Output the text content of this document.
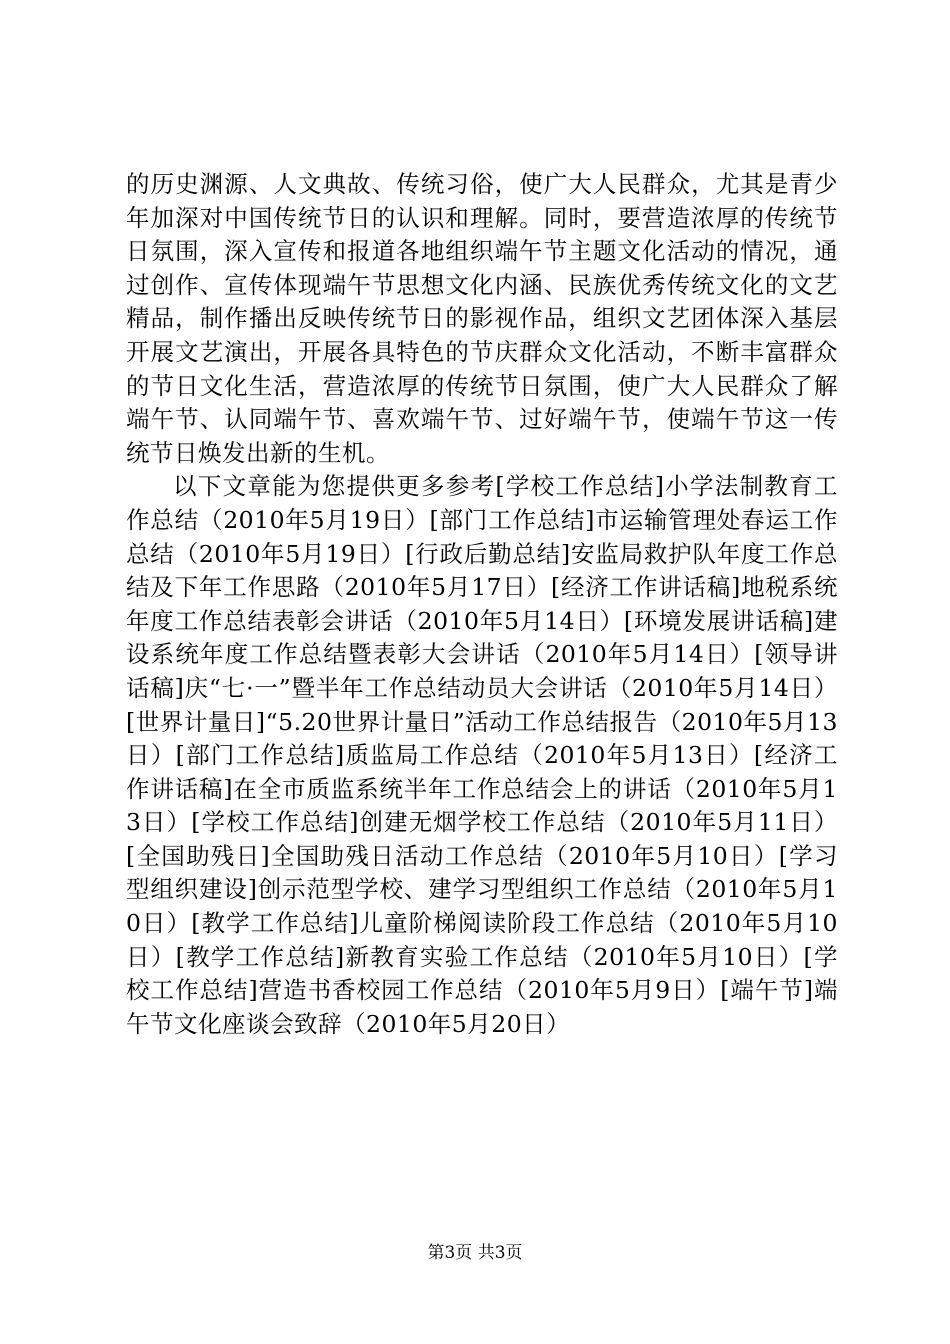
的历史渊源、人文典故、传统习俗，使广大人民群众，尤其是青少年加深对中国传统节日的认识和理解。同时，要营造浓厚的传统节日氛围，深入宣传和报道各地组织端午节主题文化活动的情况，通过创作、宣传体现端午节思想文化内涵、民族优秀传统文化的文艺精品，制作播出反映传统节日的影视作品，组织文艺团体深入基层开展文艺演出，开展各具特色的节庆群众文化活动，不断丰富群众的节日文化生活，营造浓厚的传统节日氛围，使广大人民群众了解端午节、认同端午节、喜欢端午节、过好端午节，使端午节这一传统节日焕发出新的生机。

以下文章能为您提供更多参考[学校工作总结]小学法制教育工作总结（2010年5月19日）[部门工作总结]市运输管理处春运工作总结（2010年5月19日）[行政后勤总结]安监局救护队年度工作总结及下年工作思路（2010年5月17日）[经济工作讲话稿]地税系统年度工作总结表彰会讲话（2010年5月14日）[环境发展讲话稿]建设系统年度工作总结暨表彰大会讲话（2010年5月14日）[领导讲话稿]庆“七·一”暨半年工作总结动员大会讲话（2010年5月14日）[世界计量日]“5.20世界计量日”活动工作总结报告（2010年5月13日）[部门工作总结]质监局工作总结（2010年5月13日）[经济工作讲话稿]在全市质监系统半年工作总结会上的讲话（2010年5月13日）[学校工作总结]创建无烟学校工作总结（2010年5月11日）[全国助残日]全国助残日活动工作总结（2010年5月10日）[学习型组织建设]创示范型学校、建学习型组织工作总结（2010年5月10日）[教学工作总结]儿童阶梯阅读阶段工作总结（2010年5月10日）[教学工作总结]新教育实验工作总结（2010年5月10日）[学校工作总结]营造书香校园工作总结（2010年5月9日）[端午节]端午节文化座谈会致辞（2010年5月20日）

第3页 共3页
